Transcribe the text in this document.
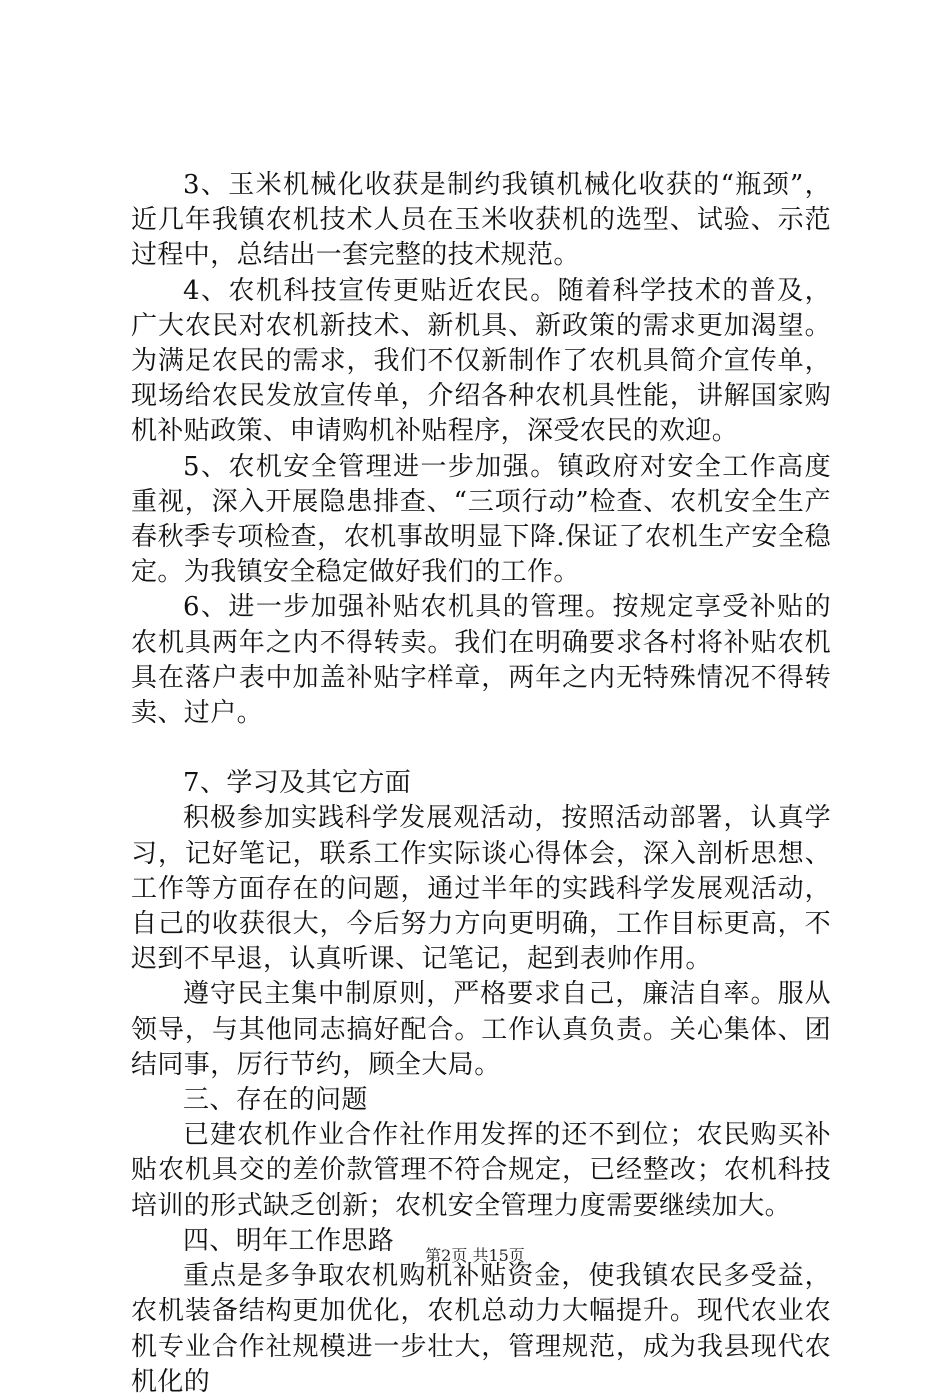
3、玉米机械化收获是制约我镇机械化收获的“瓶颈”，近几年我镇农机技术人员在玉米收获机的选型、试验、示范过程中，总结出一套完整的技术规范。

4、农机科技宣传更贴近农民。随着科学技术的普及，广大农民对农机新技术、新机具、新政策的需求更加渴望。为满足农民的需求，我们不仅新制作了农机具简介宣传单，现场给农民发放宣传单，介绍各种农机具性能，讲解国家购机补贴政策、申请购机补贴程序，深受农民的欢迎。

5、农机安全管理进一步加强。镇政府对安全工作高度重视，深入开展隐患排查、“三项行动”检查、农机安全生产春秋季专项检查，农机事故明显下降.保证了农机生产安全稳定。为我镇安全稳定做好我们的工作。

6、进一步加强补贴农机具的管理。按规定享受补贴的农机具两年之内不得转卖。我们在明确要求各村将补贴农机具在落户表中加盖补贴字样章，两年之内无特殊情况不得转卖、过户。

7、学习及其它方面

积极参加实践科学发展观活动，按照活动部署，认真学习，记好笔记，联系工作实际谈心得体会，深入剖析思想、工作等方面存在的问题，通过半年的实践科学发展观活动，自己的收获很大，今后努力方向更明确，工作目标更高，不迟到不早退，认真听课、记笔记，起到表帅作用。

遵守民主集中制原则，严格要求自己，廉洁自率。服从领导，与其他同志搞好配合。工作认真负责。关心集体、团结同事，厉行节约，顾全大局。

三、存在的问题

已建农机作业合作社作用发挥的还不到位；农民购买补贴农机具交的差价款管理不符合规定，已经整改；农机科技培训的形式缺乏创新；农机安全管理力度需要继续加大。

四、明年工作思路

重点是多争取农机购机补贴资金，使我镇农民多受益，农机装备结构更加优化，农机总动力大幅提升。现代农业农机专业合作社规模进一步壮大，管理规范，成为我县现代农机化的

第2页 共15页
